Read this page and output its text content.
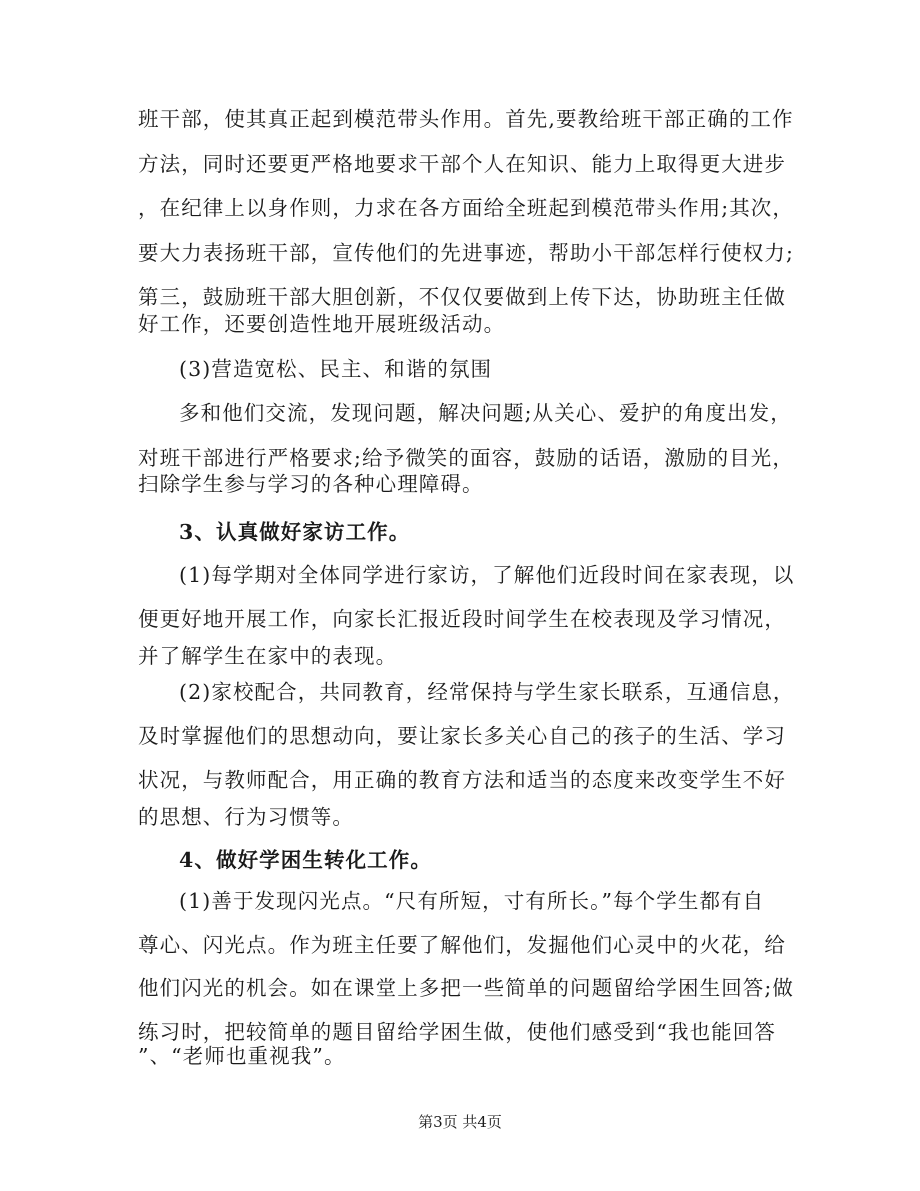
班干部，使其真正起到模范带头作用。首先,要教给班干部正确的工作
方法，同时还要更严格地要求干部个人在知识、能力上取得更大进步
，在纪律上以身作则，力求在各方面给全班起到模范带头作用;其次，
要大力表扬班干部，宣传他们的先进事迹，帮助小干部怎样行使权力;
第三，鼓励班干部大胆创新，不仅仅要做到上传下达，协助班主任做
好工作，还要创造性地开展班级活动。
(3)营造宽松、民主、和谐的氛围
多和他们交流，发现问题，解决问题;从关心、爱护的角度出发，
对班干部进行严格要求;给予微笑的面容，鼓励的话语，激励的目光，
扫除学生参与学习的各种心理障碍。
3、认真做好家访工作。
(1)每学期对全体同学进行家访，了解他们近段时间在家表现，以
便更好地开展工作，向家长汇报近段时间学生在校表现及学习情况，
并了解学生在家中的表现。
(2)家校配合，共同教育，经常保持与学生家长联系，互通信息，
及时掌握他们的思想动向，要让家长多关心自己的孩子的生活、学习
状况，与教师配合，用正确的教育方法和适当的态度来改变学生不好
的思想、行为习惯等。
4、做好学困生转化工作。
(1)善于发现闪光点。“尺有所短，寸有所长。”每个学生都有自
尊心、闪光点。作为班主任要了解他们，发掘他们心灵中的火花，给
他们闪光的机会。如在课堂上多把一些简单的问题留给学困生回答;做
练习时，把较简单的题目留给学困生做，使他们感受到“我也能回答
”、“老师也重视我”。
第3页 共4页
